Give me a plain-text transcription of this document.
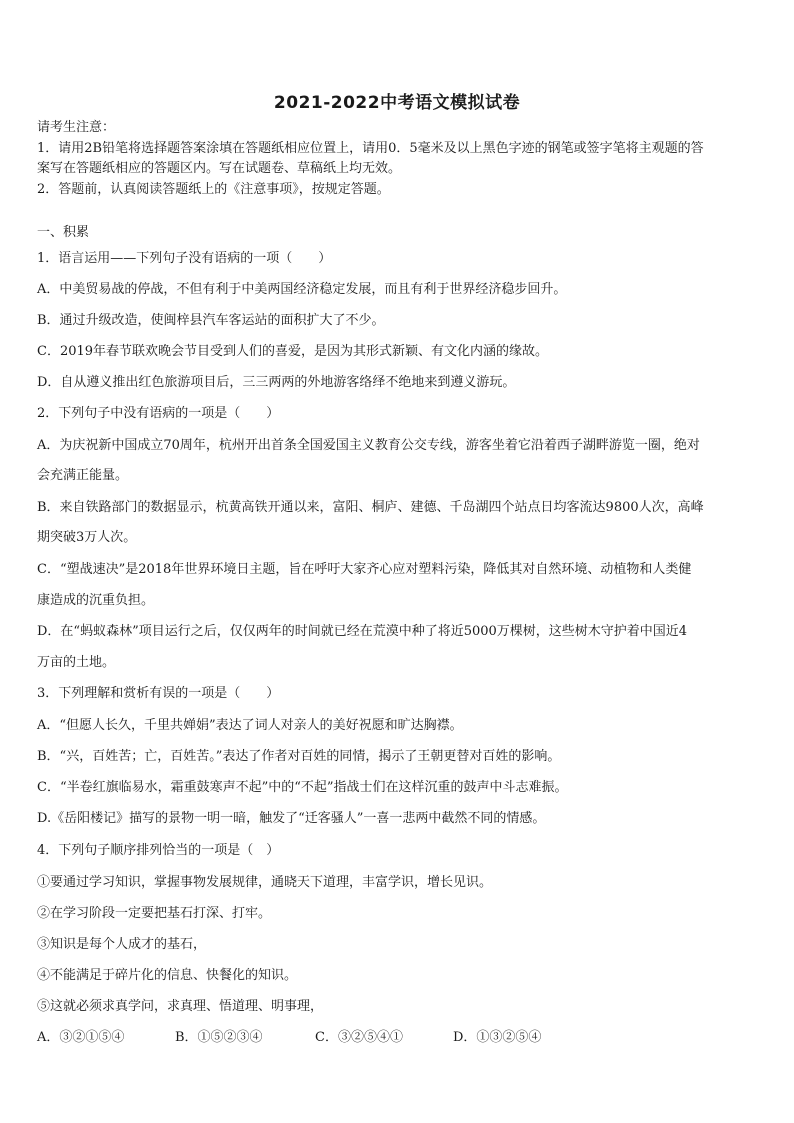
2021-2022中考语文模拟试卷
请考生注意：
1．请用2B铅笔将选择题答案涂填在答题纸相应位置上，请用0．5毫米及以上黑色字迹的钢笔或签字笔将主观题的答
案写在答题纸相应的答题区内。写在试题卷、草稿纸上均无效。
2．答题前，认真阅读答题纸上的《注意事项》，按规定答题。
一、积累
1．语言运用——下列句子没有语病的一项（　　）
A．中美贸易战的停战，不但有利于中美两国经济稳定发展，而且有利于世界经济稳步回升。
B．通过升级改造，使闽梓县汽车客运站的面积扩大了不少。
C．2019年春节联欢晚会节目受到人们的喜爱，是因为其形式新颖、有文化内涵的缘故。
D．自从遵义推出红色旅游项目后，三三两两的外地游客络绎不绝地来到遵义游玩。
2．下列句子中没有语病的一项是（　　）
A．为庆祝新中国成立70周年，杭州开出首条全国爱国主义教育公交专线，游客坐着它沿着西子湖畔游览一圈，绝对
会充满正能量。
B．来自铁路部门的数据显示，杭黄高铁开通以来，富阳、桐庐、建德、千岛湖四个站点日均客流达9800人次，高峰
期突破3万人次。
C．“塑战速决”是2018年世界环境日主题，旨在呼吁大家齐心应对塑料污染，降低其对自然环境、动植物和人类健
康造成的沉重负担。
D．在“蚂蚁森林”项目运行之后，仅仅两年的时间就已经在荒漠中种了将近5000万棵树，这些树木守护着中国近4
万亩的土地。
3．下列理解和赏析有误的一项是（　　）
A．“但愿人长久，千里共婵娟”表达了词人对亲人的美好祝愿和旷达胸襟。
B．“兴，百姓苦；亡，百姓苦。”表达了作者对百姓的同情，揭示了王朝更替对百姓的影响。
C．“半卷红旗临易水，霜重鼓寒声不起”中的“不起”指战士们在这样沉重的鼓声中斗志难振。
D.《岳阳楼记》描写的景物一明一暗，触发了“迁客骚人”一喜一悲两中截然不同的情感。
4．下列句子顺序排列恰当的一项是（　）
①要通过学习知识，掌握事物发展规律，通晓天下道理，丰富学识，增长见识。
②在学习阶段一定要把基石打深、打牢。
③知识是每个人成才的基石，
④不能满足于碎片化的信息、快餐化的知识。
⑤这就必须求真学问，求真理、悟道理、明事理，
A．③②①⑤④	B．①⑤②③④	C．③②⑤④①	D．①③②⑤④
